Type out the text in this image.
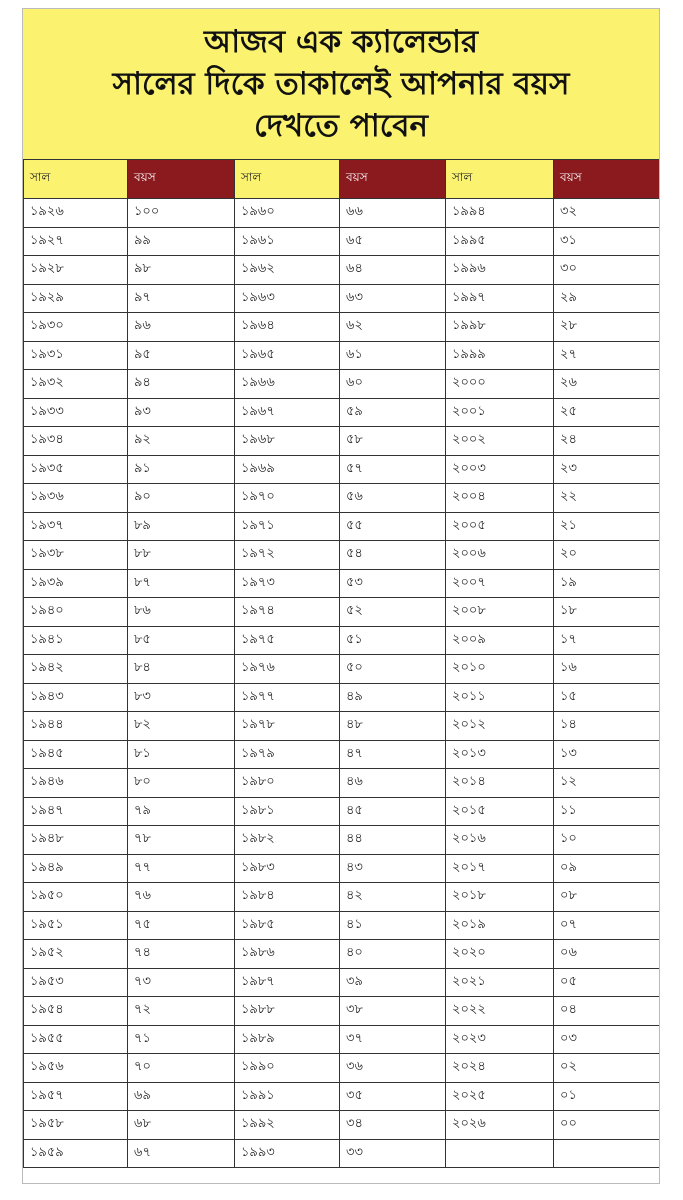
আজব এক ক্যালেন্ডার
সালের দিকে তাকালেই আপনার বয়স
দেখতে পাবেন
সাল	বয়স	সাল	বয়স	সাল	বয়স
১৯২৬	১০০	১৯৬০	৬৬	১৯৯৪	৩২
১৯২৭	৯৯	১৯৬১	৬৫	১৯৯৫	৩১
১৯২৮	৯৮	১৯৬২	৬৪	১৯৯৬	৩০
১৯২৯	৯৭	১৯৬৩	৬৩	১৯৯৭	২৯
১৯৩০	৯৬	১৯৬৪	৬২	১৯৯৮	২৮
১৯৩১	৯৫	১৯৬৫	৬১	১৯৯৯	২৭
১৯৩২	৯৪	১৯৬৬	৬০	২০০০	২৬
১৯৩৩	৯৩	১৯৬৭	৫৯	২০০১	২৫
১৯৩৪	৯২	১৯৬৮	৫৮	২০০২	২৪
১৯৩৫	৯১	১৯৬৯	৫৭	২০০৩	২৩
১৯৩৬	৯০	১৯৭০	৫৬	২০০৪	২২
১৯৩৭	৮৯	১৯৭১	৫৫	২০০৫	২১
১৯৩৮	৮৮	১৯৭২	৫৪	২০০৬	২০
১৯৩৯	৮৭	১৯৭৩	৫৩	২০০৭	১৯
১৯৪০	৮৬	১৯৭৪	৫২	২০০৮	১৮
১৯৪১	৮৫	১৯৭৫	৫১	২০০৯	১৭
১৯৪২	৮৪	১৯৭৬	৫০	২০১০	১৬
১৯৪৩	৮৩	১৯৭৭	৪৯	২০১১	১৫
১৯৪৪	৮২	১৯৭৮	৪৮	২০১২	১৪
১৯৪৫	৮১	১৯৭৯	৪৭	২০১৩	১৩
১৯৪৬	৮০	১৯৮০	৪৬	২০১৪	১২
১৯৪৭	৭৯	১৯৮১	৪৫	২০১৫	১১
১৯৪৮	৭৮	১৯৮২	৪৪	২০১৬	১০
১৯৪৯	৭৭	১৯৮৩	৪৩	২০১৭	০৯
১৯৫০	৭৬	১৯৮৪	৪২	২০১৮	০৮
১৯৫১	৭৫	১৯৮৫	৪১	২০১৯	০৭
১৯৫২	৭৪	১৯৮৬	৪০	২০২০	০৬
১৯৫৩	৭৩	১৯৮৭	৩৯	২০২১	০৫
১৯৫৪	৭২	১৯৮৮	৩৮	২০২২	০৪
১৯৫৫	৭১	১৯৮৯	৩৭	২০২৩	০৩
১৯৫৬	৭০	১৯৯০	৩৬	২০২৪	০২
১৯৫৭	৬৯	১৯৯১	৩৫	২০২৫	০১
১৯৫৮	৬৮	১৯৯২	৩৪	২০২৬	০০
১৯৫৯	৬৭	১৯৯৩	৩৩		
